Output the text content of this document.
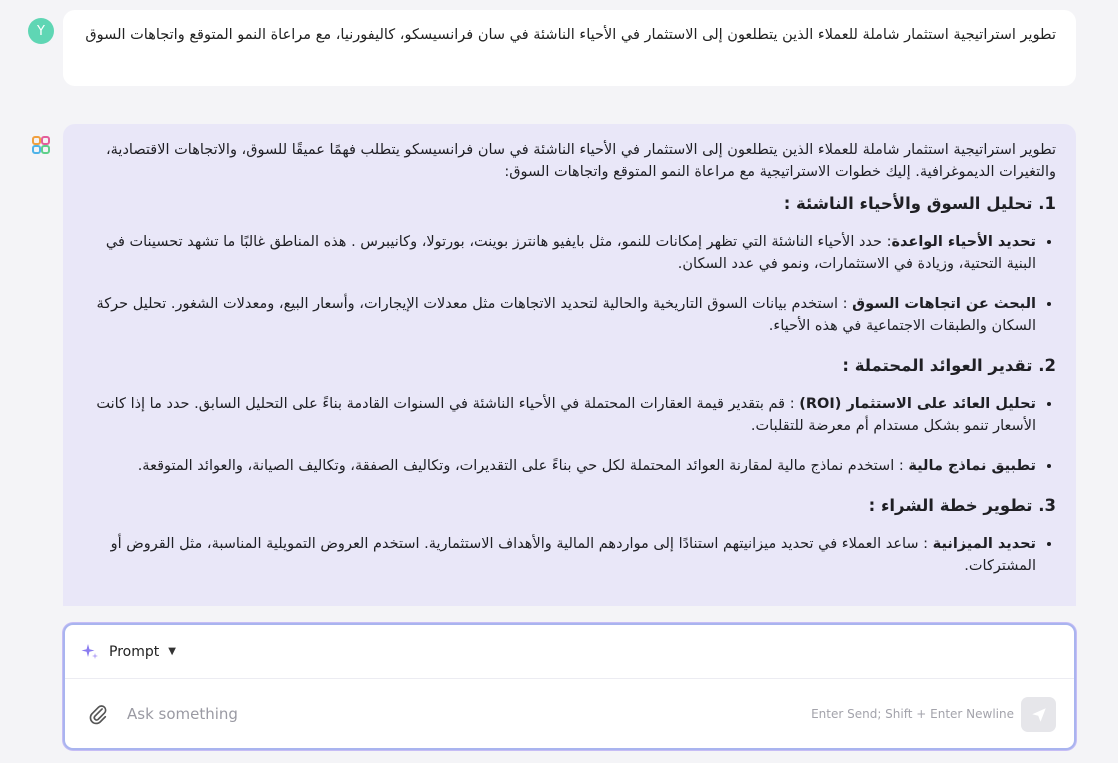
Y	تطوير استراتيجية استثمار شاملة للعملاء الذين يتطلعون إلى الاستثمار في الأحياء الناشئة في سان فرانسيسكو، كاليفورنيا، مع مراعاة النمو المتوقع واتجاهات السوق

تطوير استراتيجية استثمار شاملة للعملاء الذين يتطلعون إلى الاستثمار في الأحياء الناشئة في سان فرانسيسكو يتطلب فهمًا عميقًا للسوق، والاتجاهات الاقتصادية، والتغيرات الديموغرافية. إليك خطوات الاستراتيجية مع مراعاة النمو المتوقع واتجاهات السوق:

1. تحليل السوق والأحياء الناشئة :
• تحديد الأحياء الواعدة: حدد الأحياء الناشئة التي تظهر إمكانات للنمو، مثل بايفيو هانترز بوينت، بورتولا، وكانيبرس . هذه المناطق غالبًا ما تشهد تحسينات في البنية التحتية، وزيادة في الاستثمارات، ونمو في عدد السكان.
• البحث عن اتجاهات السوق : استخدم بيانات السوق التاريخية والحالية لتحديد الاتجاهات مثل معدلات الإيجارات، وأسعار البيع، ومعدلات الشغور. تحليل حركة السكان والطبقات الاجتماعية في هذه الأحياء.
2. تقدير العوائد المحتملة :
• تحليل العائد على الاستثمار (ROI) : قم بتقدير قيمة العقارات المحتملة في الأحياء الناشئة في السنوات القادمة بناءً على التحليل السابق. حدد ما إذا كانت الأسعار تنمو بشكل مستدام أم معرضة للتقلبات.
• تطبيق نماذج مالية : استخدم نماذج مالية لمقارنة العوائد المحتملة لكل حي بناءً على التقديرات، وتكاليف الصفقة، وتكاليف الصيانة، والعوائد المتوقعة.
3. تطوير خطة الشراء :
• تحديد الميزانية : ساعد العملاء في تحديد ميزانيتهم استنادًا إلى مواردهم المالية والأهداف الاستثمارية. استخدم العروض التمويلية المناسبة، مثل القروض أو المشتركات.
Prompt ▼
Ask something
Enter Send; Shift + Enter Newline
